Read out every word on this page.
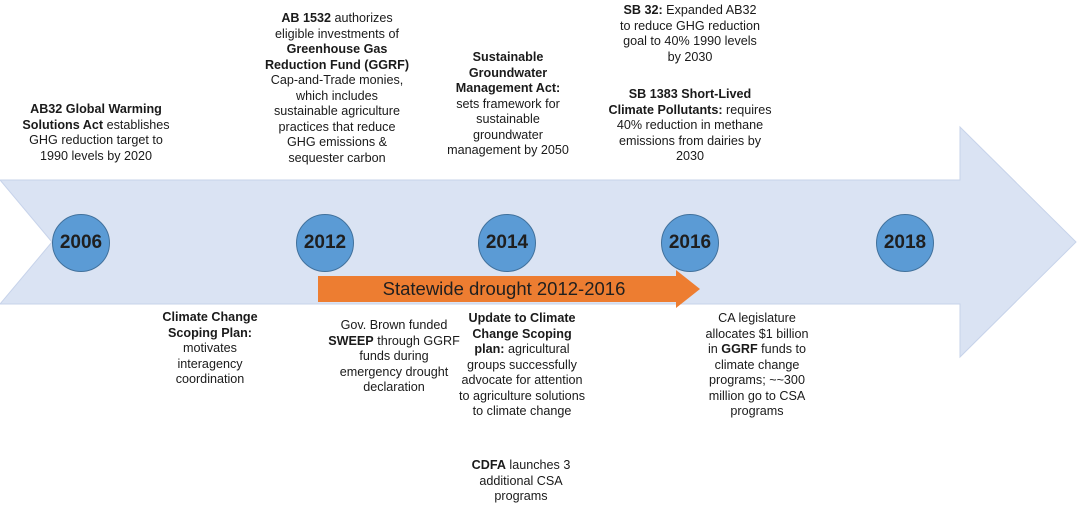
2006	2012	2014	2016	2018
Statewide drought 2012-2016

AB32 Global Warming Solutions Act establishes GHG reduction target to 1990 levels by 2020

AB 1532 authorizes eligible investments of Greenhouse Gas Reduction Fund (GGRF) Cap-and-Trade monies, which includes sustainable agriculture practices that reduce GHG emissions & sequester carbon

Sustainable Groundwater Management Act: sets framework for sustainable groundwater management by 2050

SB 32: Expanded AB32 to reduce GHG reduction goal to 40% 1990 levels by 2030

SB 1383 Short-Lived Climate Pollutants: requires 40% reduction in methane emissions from dairies by 2030

Climate Change Scoping Plan: motivates interagency coordination

Gov. Brown funded SWEEP through GGRF funds during emergency drought declaration

Update to Climate Change Scoping plan: agricultural groups successfully advocate for attention to agriculture solutions to climate change

CDFA launches 3 additional CSA programs

CA legislature allocates $1 billion in GGRF funds to climate change programs; ~~300 million go to CSA programs
